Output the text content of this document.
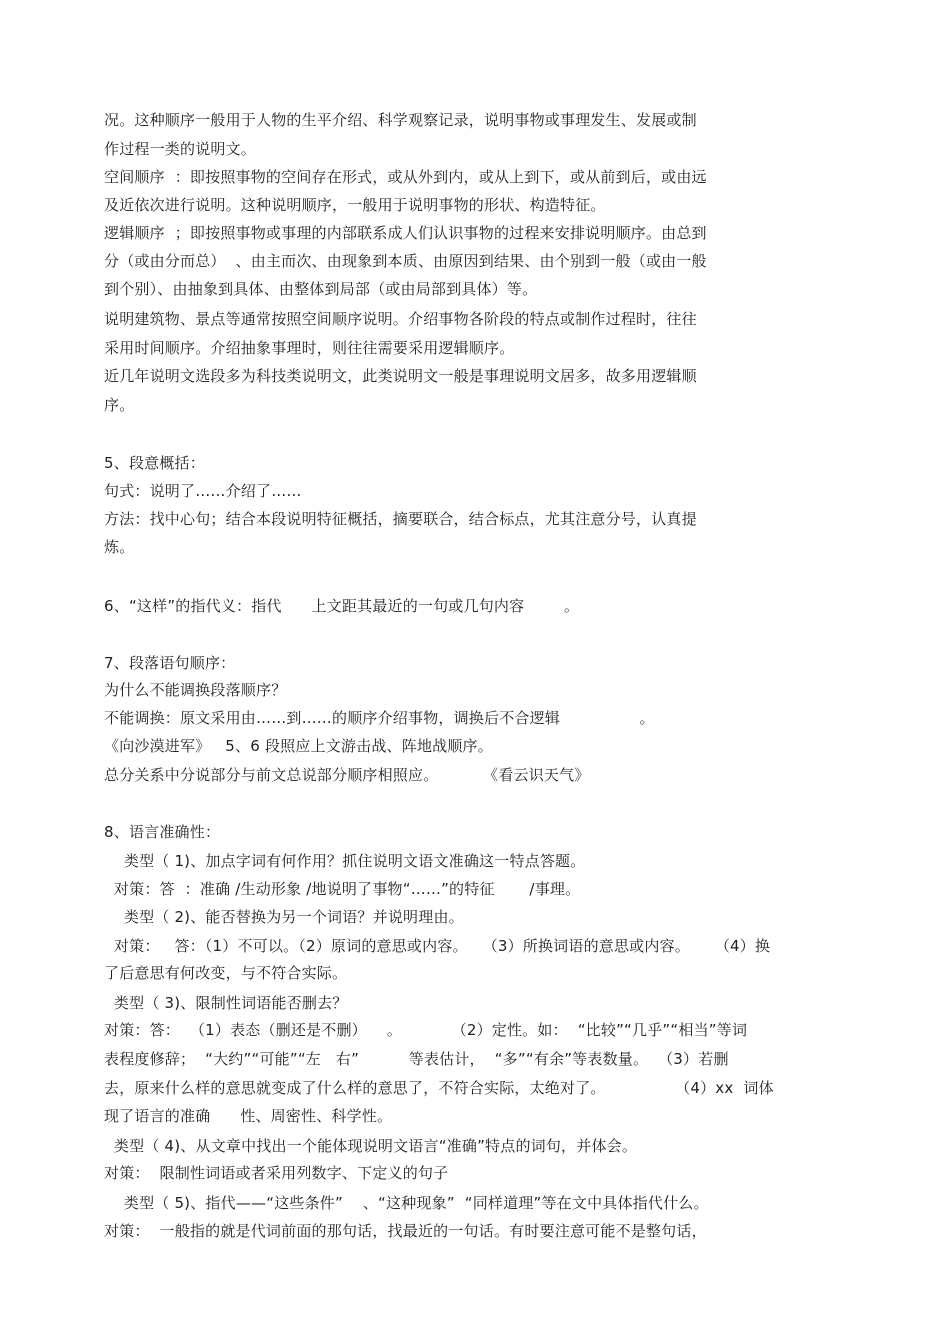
况。这种顺序一般用于人物的生平介绍、科学观察记录，说明事物或事理发生、发展或制
作过程一类的说明文。
空间顺序  ：即按照事物的空间存在形式，或从外到内，或从上到下，或从前到后，或由远
及近依次进行说明。这种说明顺序，一般用于说明事物的形状、构造特征。
逻辑顺序  ；即按照事物或事理的内部联系成人们认识事物的过程来安排说明顺序。由总到
分（或由分而总）  、由主而次、由现象到本质、由原因到结果、由个别到一般（或由一般
到个别）、由抽象到具体、由整体到局部（或由局部到具体）等。
说明建筑物、景点等通常按照空间顺序说明。介绍事物各阶段的特点或制作过程时，往往
采用时间顺序。介绍抽象事理时，则往往需要采用逻辑顺序。
近几年说明文选段多为科技类说明文，此类说明文一般是事理说明文居多，故多用逻辑顺
序。
5、段意概括：
句式：说明了……介绍了……
方法：找中心句；结合本段说明特征概括，摘要联合，结合标点，尤其注意分号，认真提
炼。
6、“这样”的指代义：指代      上文距其最近的一句或几句内容        。
7、段落语句顺序：
为什么不能调换段落顺序？
不能调换：原文采用由……到……的顺序介绍事物，调换后不合逻辑                。
《向沙漠进军》   5、6 段照应上文游击战、阵地战顺序。
总分关系中分说部分与前文总说部分顺序相照应。         《看云识天气》
8、语言准确性：
类型（ 1)、加点字词有何作用？抓住说明文语文准确这一特点答题。
对策：答  ：准确 /生动形象 /地说明了事物“……”的特征       /事理。
类型（ 2)、能否替换为另一个词语？并说明理由。
对策：   答：（1）不可以。（2）原词的意思或内容。   （3）所换词语的意思或内容。     （4）换
了后意思有何改变，与不符合实际。
类型（ 3)、限制性词语能否删去？
对策：答：  （1）表态（删还是不删）    。          （2）定性。如：  “比较”“几乎”“相当”等词
表程度修辞；  “大约”“可能”“左   右”          等表估计，  “多”“有余”等表数量。  （3）若删
去，原来什么样的意思就变成了什么样的意思了，不符合实际，太绝对了。              （4）xx  词体
现了语言的准确      性、周密性、科学性。
类型（ 4)、从文章中找出一个能体现说明文语言“准确”特点的词句，并体会。
对策：  限制性词语或者采用列数字、下定义的句子
类型（ 5)、指代——“这些条件”    、“这种现象”  “同样道理”等在文中具体指代什么。
对策：  一般指的就是代词前面的那句话，找最近的一句话。有时要注意可能不是整句话，
